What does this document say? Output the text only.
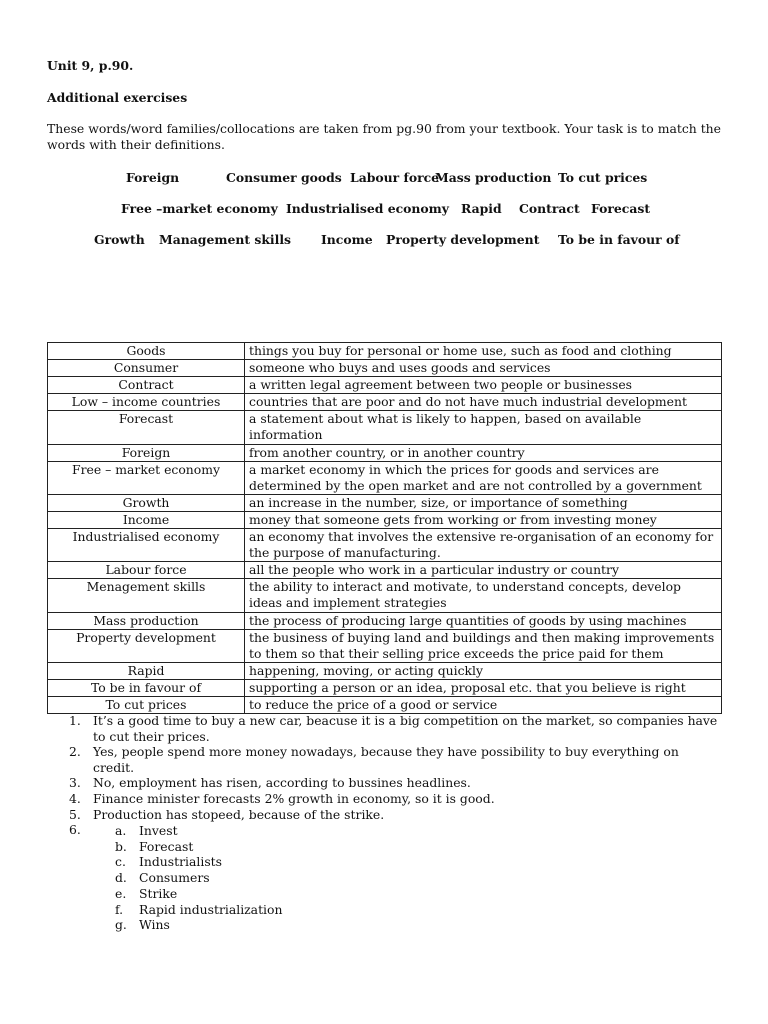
Unit 9, p.90.
Additional exercises
These words/word families/collocations are taken from pg.90 from your textbook. Your task is to match the words with their definitions.
Foreign	Consumer goods Labour force
Mass production To cut prices
Free –market economy Industrialised economy Rapid Contract Forecast
Growth Management skills Income Property development To be in favour of
Goods	things you buy for personal or home use, such as food and clothing
Consumer	someone who buys and uses goods and services
Contract	a written legal agreement between two people or businesses
Low – income countries	countries that are poor and do not have much industrial development
Forecast	a statement about what is likely to happen, based on available information
Foreign	from another country, or in another country
Free – market economy	a market economy in which the prices for goods and services are determined by the open market and are not controlled by a government
Growth	an increase in the number, size, or importance of something
Income	money that someone gets from working or from investing money
Industrialised economy	an economy that involves the extensive re-organisation of an economy for the purpose of manufacturing.
Labour force	all the people who work in a particular industry or country
Menagement skills	the ability to interact and motivate, to understand concepts, develop ideas and implement strategies
Mass production	the process of producing large quantities of goods by using machines
Property development	the business of buying land and buildings and then making improvements to them so that their selling price exceeds the price paid for them
Rapid	happening, moving, or acting quickly
To be in favour of	supporting a person or an idea, proposal etc. that you believe is right
To cut prices	to reduce the price of a good or service
1. It’s a good time to buy a new car, beacuse it is a big competition on the market, so companies have to cut their prices.
2. Yes, people spend more money nowadays, because they have possibility to buy everything on credit.
3. No, employment has risen, according to bussines headlines.
4. Finance minister forecasts 2% growth in economy, so it is good.
5. Production has stopeed, because of the strike.
6.	a. Invest
b. Forecast
c. Industrialists
d. Consumers
e. Strike
f. Rapid industrialization
g. Wins
